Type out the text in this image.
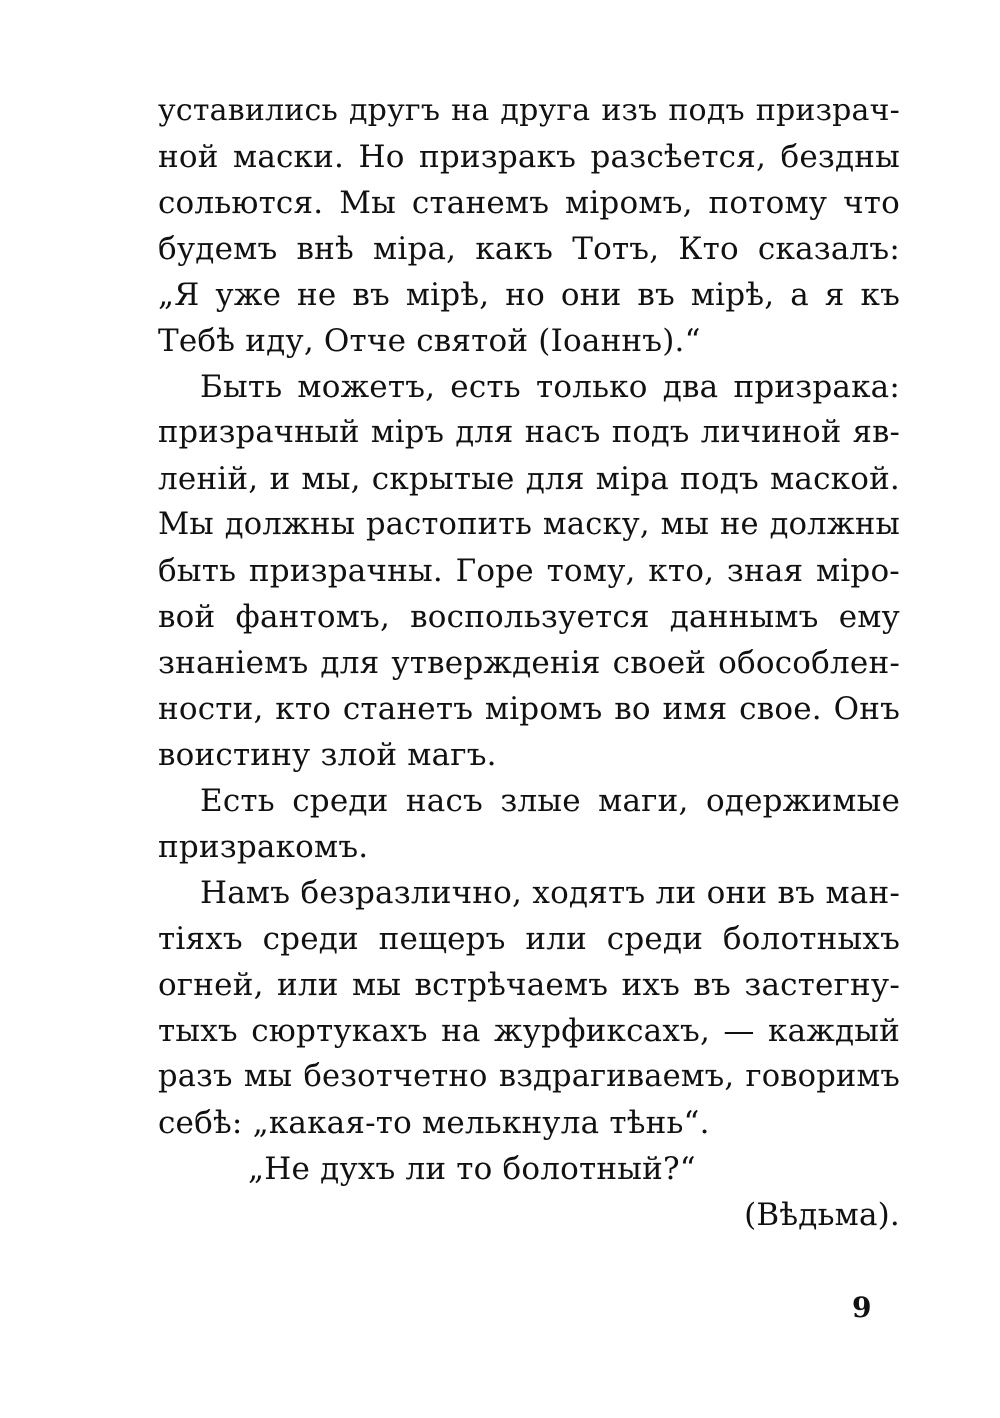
уставились другъ на друга изъ подъ призрач-
ной маски. Но призракъ разсѣется, бездны
сольются. Мы станемъ міромъ, потому что
будемъ внѣ міра, какъ Тотъ, Кто сказалъ:
„Я уже не въ мірѣ, но они въ мірѣ, а я къ
Тебѣ иду, Отче святой (Іоаннъ).“
Быть можетъ, есть только два призрака:
призрачный міръ для насъ подъ личиной яв-
леній, и мы, скрытые для міра подъ маской.
Мы должны растопить маску, мы не должны
быть призрачны. Горе тому, кто, зная міро-
вой фантомъ, воспользуется даннымъ ему
знаніемъ для утвержденія своей обособлен-
ности, кто станетъ міромъ во имя свое. Онъ
воистину злой магъ.
Есть среди насъ злые маги, одержимые
призракомъ.
Намъ безразлично, ходятъ ли они въ ман-
тіяхъ среди пещеръ или среди болотныхъ
огней, или мы встрѣчаемъ ихъ въ застегну-
тыхъ сюртукахъ на журфиксахъ, — каждый
разъ мы безотчетно вздрагиваемъ, говоримъ
себѣ: „какая-то мелькнула тѣнь“.
„Не духъ ли то болотный?“
(Вѣдьма).
9
